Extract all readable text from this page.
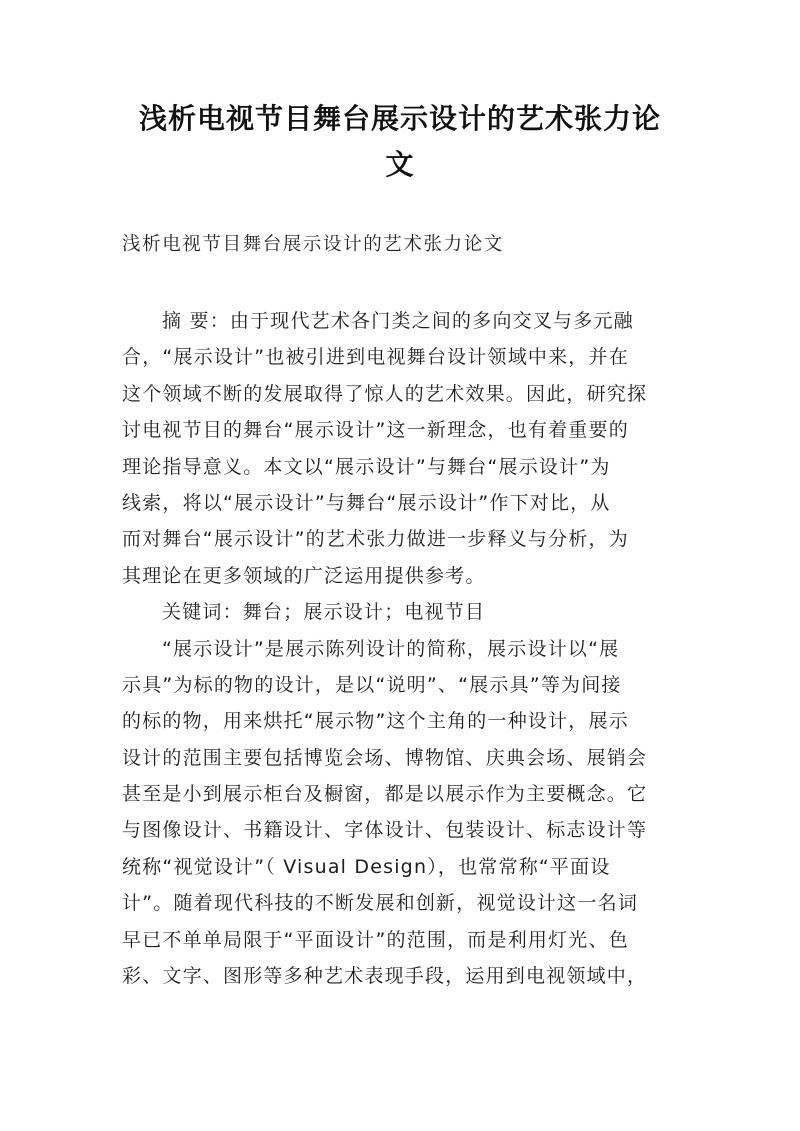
浅析电视节目舞台展示设计的艺术张力论
文
浅析电视节目舞台展示设计的艺术张力论文
摘 要：由于现代艺术各门类之间的多向交叉与多元融
合，“展示设计”也被引进到电视舞台设计领域中来，并在
这个领域不断的发展取得了惊人的艺术效果。因此，研究探
讨电视节目的舞台“展示设计”这一新理念，也有着重要的
理论指导意义。本文以“展示设计”与舞台“展示设计”为
线索，将以“展示设计”与舞台“展示设计”作下对比，从
而对舞台“展示设计”的艺术张力做进一步释义与分析，为
其理论在更多领域的广泛运用提供参考。
关键词：舞台；展示设计；电视节目
“展示设计”是展示陈列设计的简称，展示设计以“展
示具”为标的物的设计，是以“说明”、“展示具”等为间接
的标的物，用来烘托“展示物”这个主角的一种设计，展示
设计的范围主要包括博览会场、博物馆、庆典会场、展销会
甚至是小到展示柜台及橱窗，都是以展示作为主要概念。它
与图像设计、书籍设计、字体设计、包装设计、标志设计等
统称“视觉设计”（ Visual Design），也常常称“平面设
计”。随着现代科技的不断发展和创新，视觉设计这一名词
早已不单单局限于“平面设计”的范围，而是利用灯光、色
彩、文字、图形等多种艺术表现手段，运用到电视领域中，
